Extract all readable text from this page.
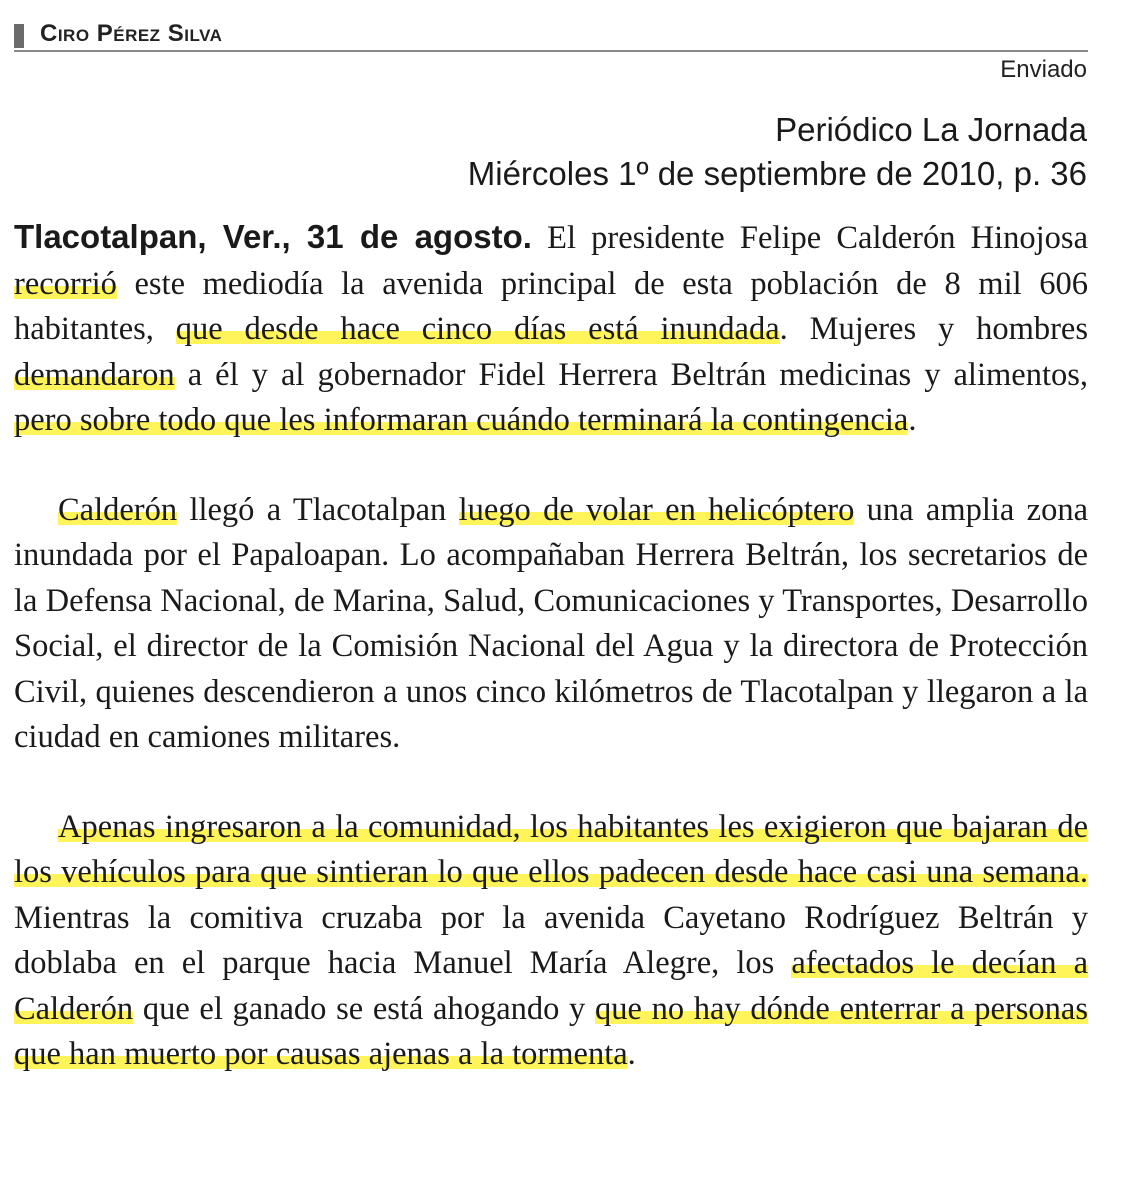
Ciro Pérez Silva
Enviado
Periódico La Jornada
Miércoles 1º de septiembre de 2010, p. 36

Tlacotalpan, Ver., 31 de agosto. El presidente Felipe Calderón Hinojosa recorrió este mediodía la avenida principal de esta población de 8 mil 606 habitantes, que desde hace cinco días está inundada. Mujeres y hombres demandaron a él y al gobernador Fidel Herrera Beltrán medicinas y alimentos, pero sobre todo que les informaran cuándo terminará la contingencia.

Calderón llegó a Tlacotalpan luego de volar en helicóptero una amplia zona inundada por el Papaloapan. Lo acompañaban Herrera Beltrán, los secretarios de la Defensa Nacional, de Marina, Salud, Comunicaciones y Transportes, Desarrollo Social, el director de la Comisión Nacional del Agua y la directora de Protección Civil, quienes descendieron a unos cinco kilómetros de Tlacotalpan y llegaron a la ciudad en camiones militares.

Apenas ingresaron a la comunidad, los habitantes les exigieron que bajaran de los vehículos para que sintieran lo que ellos padecen desde hace casi una semana. Mientras la comitiva cruzaba por la avenida Cayetano Rodríguez Beltrán y doblaba en el parque hacia Manuel María Alegre, los afectados le decían a Calderón que el ganado se está ahogando y que no hay dónde enterrar a personas que han muerto por causas ajenas a la tormenta.
